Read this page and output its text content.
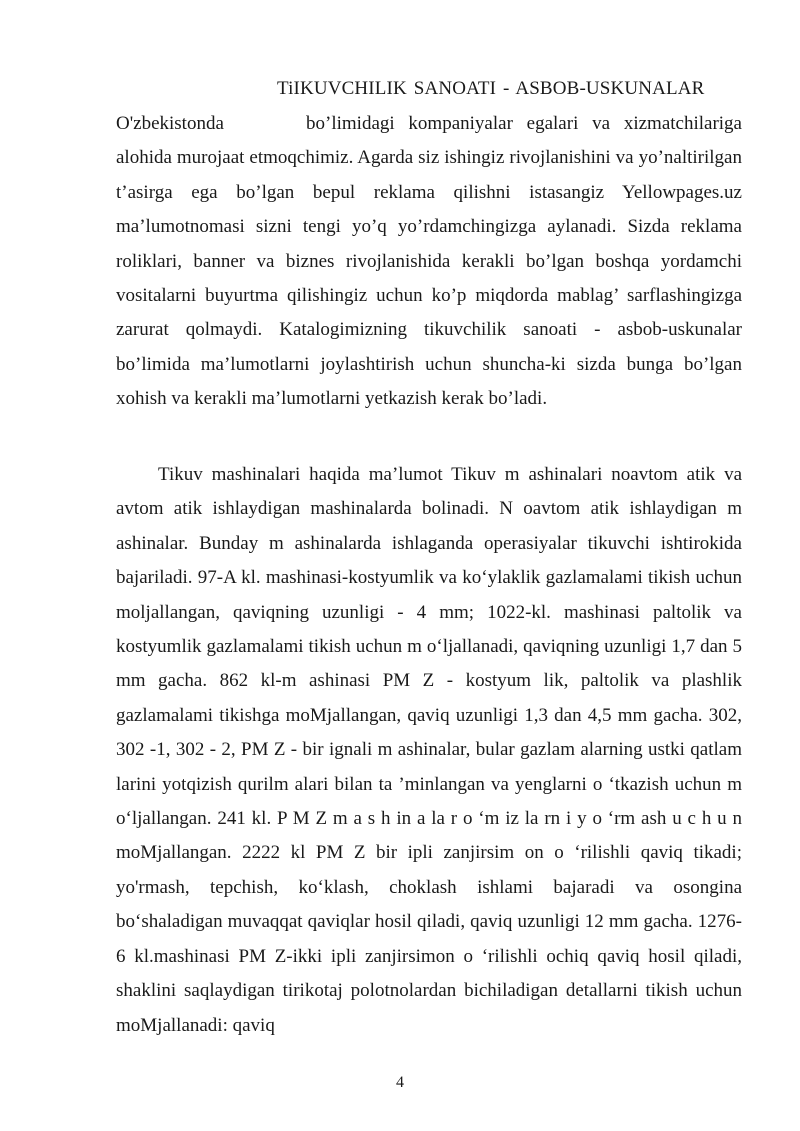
TiIKUVCHILIK SANOATI - ASBOB-USKUNALAR

O'zbekistonda	bo’limidagi kompaniyalar egalari va xizmatchilariga alohida murojaat etmoqchimiz. Agarda siz ishingiz rivojlanishini va yo’naltirilgan t’asirga ega bo’lgan bepul reklama qilishni istasangiz Yellowpages.uz ma’lumotnomasi sizni tengi yo’q yo’rdamchingizga aylanadi. Sizda reklama roliklari, banner va biznes rivojlanishida kerakli bo’lgan boshqa yordamchi vositalarni buyurtma qilishingiz uchun ko’p miqdorda mablag’ sarflashingizga zarurat qolmaydi. Katalogimizning tikuvchilik sanoati - asbob-uskunalar bo’limida ma’lumotlarni joylashtirish uchun shuncha-ki sizda bunga bo’lgan xohish va kerakli ma’lumotlarni yetkazish kerak bo’ladi.

Tikuv mashinalari haqida ma’lumot Tikuv m ashinalari noavtom atik va avtom atik ishlaydigan mashinalarda bolinadi. N oavtom atik ishlaydigan m ashinalar. Bunday m ashinalarda ishlaganda operasiyalar tikuvchi ishtirokida bajariladi. 97-A kl. mashinasi-kostyumlik va ko‘ylaklik gazlamalami tikish uchun moljallangan, qaviqning uzunligi - 4 mm; 1022-kl. mashinasi paltolik va kostyumlik gazlamalami tikish uchun m o‘ljallanadi, qaviqning uzunligi 1,7 dan 5 mm gacha. 862 kl-m ashinasi PM Z - kostyum lik, paltolik va plashlik gazlamalami tikishga moMjallangan, qaviq uzunligi 1,3 dan 4,5 mm gacha. 302, 302 -1, 302 - 2, PM Z - bir ignali m ashinalar, bular gazlam alarning ustki qatlam larini yotqizish qurilm alari bilan ta ’minlangan va yenglarni o ‘tkazish uchun m o‘ljallangan. 241 kl. P M Z m a s h in a la r o ‘m iz la rn i y o ‘rm ash u c h u n moMjallangan. 2222 kl PM Z bir ipli zanjirsim on o ‘rilishli qaviq tikadi; yo'rmash, tepchish, ko‘klash, choklash ishlami bajaradi va osongina bo‘shaladigan muvaqqat qaviqlar hosil qiladi, qaviq uzunligi 12 mm gacha. 1276-6 kl.mashinasi PM Z-ikki ipli zanjirsimon o ‘rilishli ochiq qaviq hosil qiladi, shaklini saqlaydigan tirikotaj polotnolardan bichiladigan detallarni tikish uchun moMjallanadi: qaviq

4
